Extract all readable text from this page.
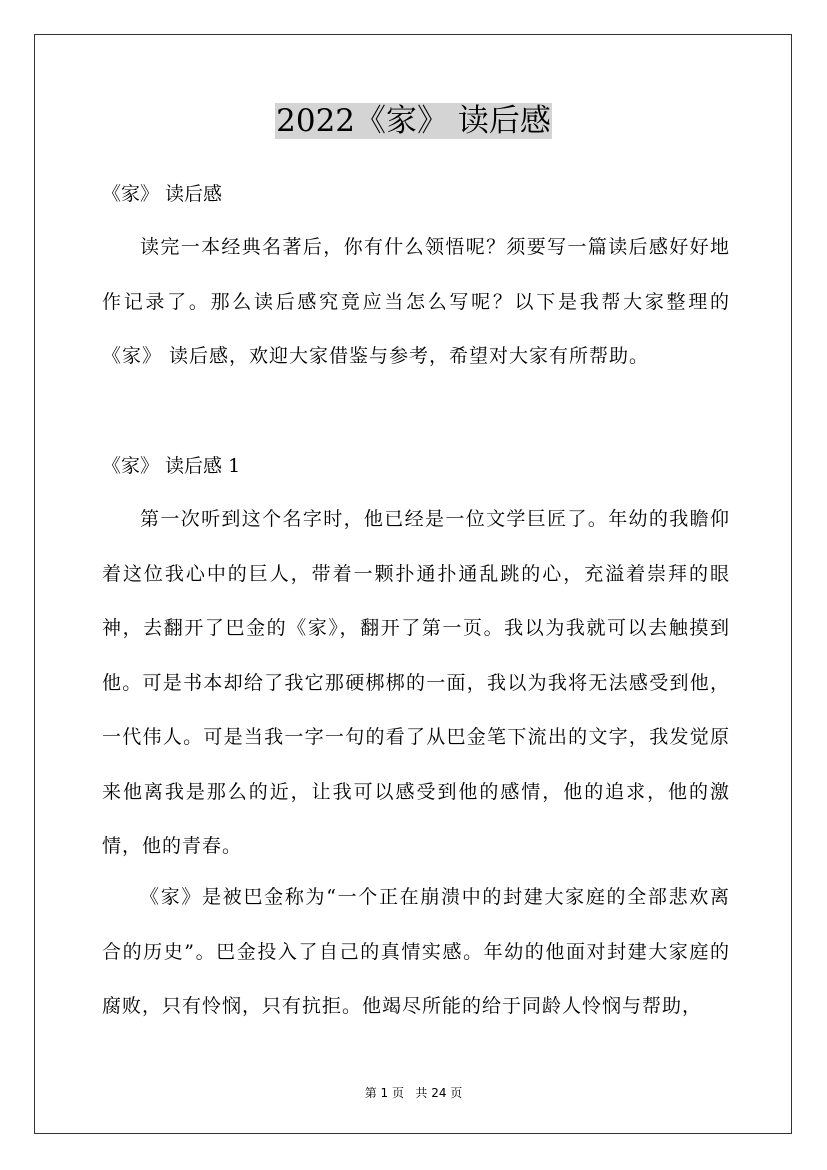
2022《家》 读后感
《家》 读后感

读完一本经典名著后，你有什么领悟呢？须要写一篇读后感好好地作记录了。那么读后感究竟应当怎么写呢？以下是我帮大家整理的《家》 读后感，欢迎大家借鉴与参考，希望对大家有所帮助。

《家》 读后感 1

第一次听到这个名字时，他已经是一位文学巨匠了。年幼的我瞻仰着这位我心中的巨人，带着一颗扑通扑通乱跳的心，充溢着崇拜的眼神，去翻开了巴金的《家》，翻开了第一页。我以为我就可以去触摸到他。可是书本却给了我它那硬梆梆的一面，我以为我将无法感受到他，一代伟人。可是当我一字一句的看了从巴金笔下流出的文字，我发觉原来他离我是那么的近，让我可以感受到他的感情，他的追求，他的激情，他的青春。

《家》是被巴金称为“一个正在崩溃中的封建大家庭的全部悲欢离合的历史”。巴金投入了自己的真情实感。年幼的他面对封建大家庭的腐败，只有怜悯，只有抗拒。他竭尽所能的给于同龄人怜悯与帮助，

第 1 页   共 24 页
